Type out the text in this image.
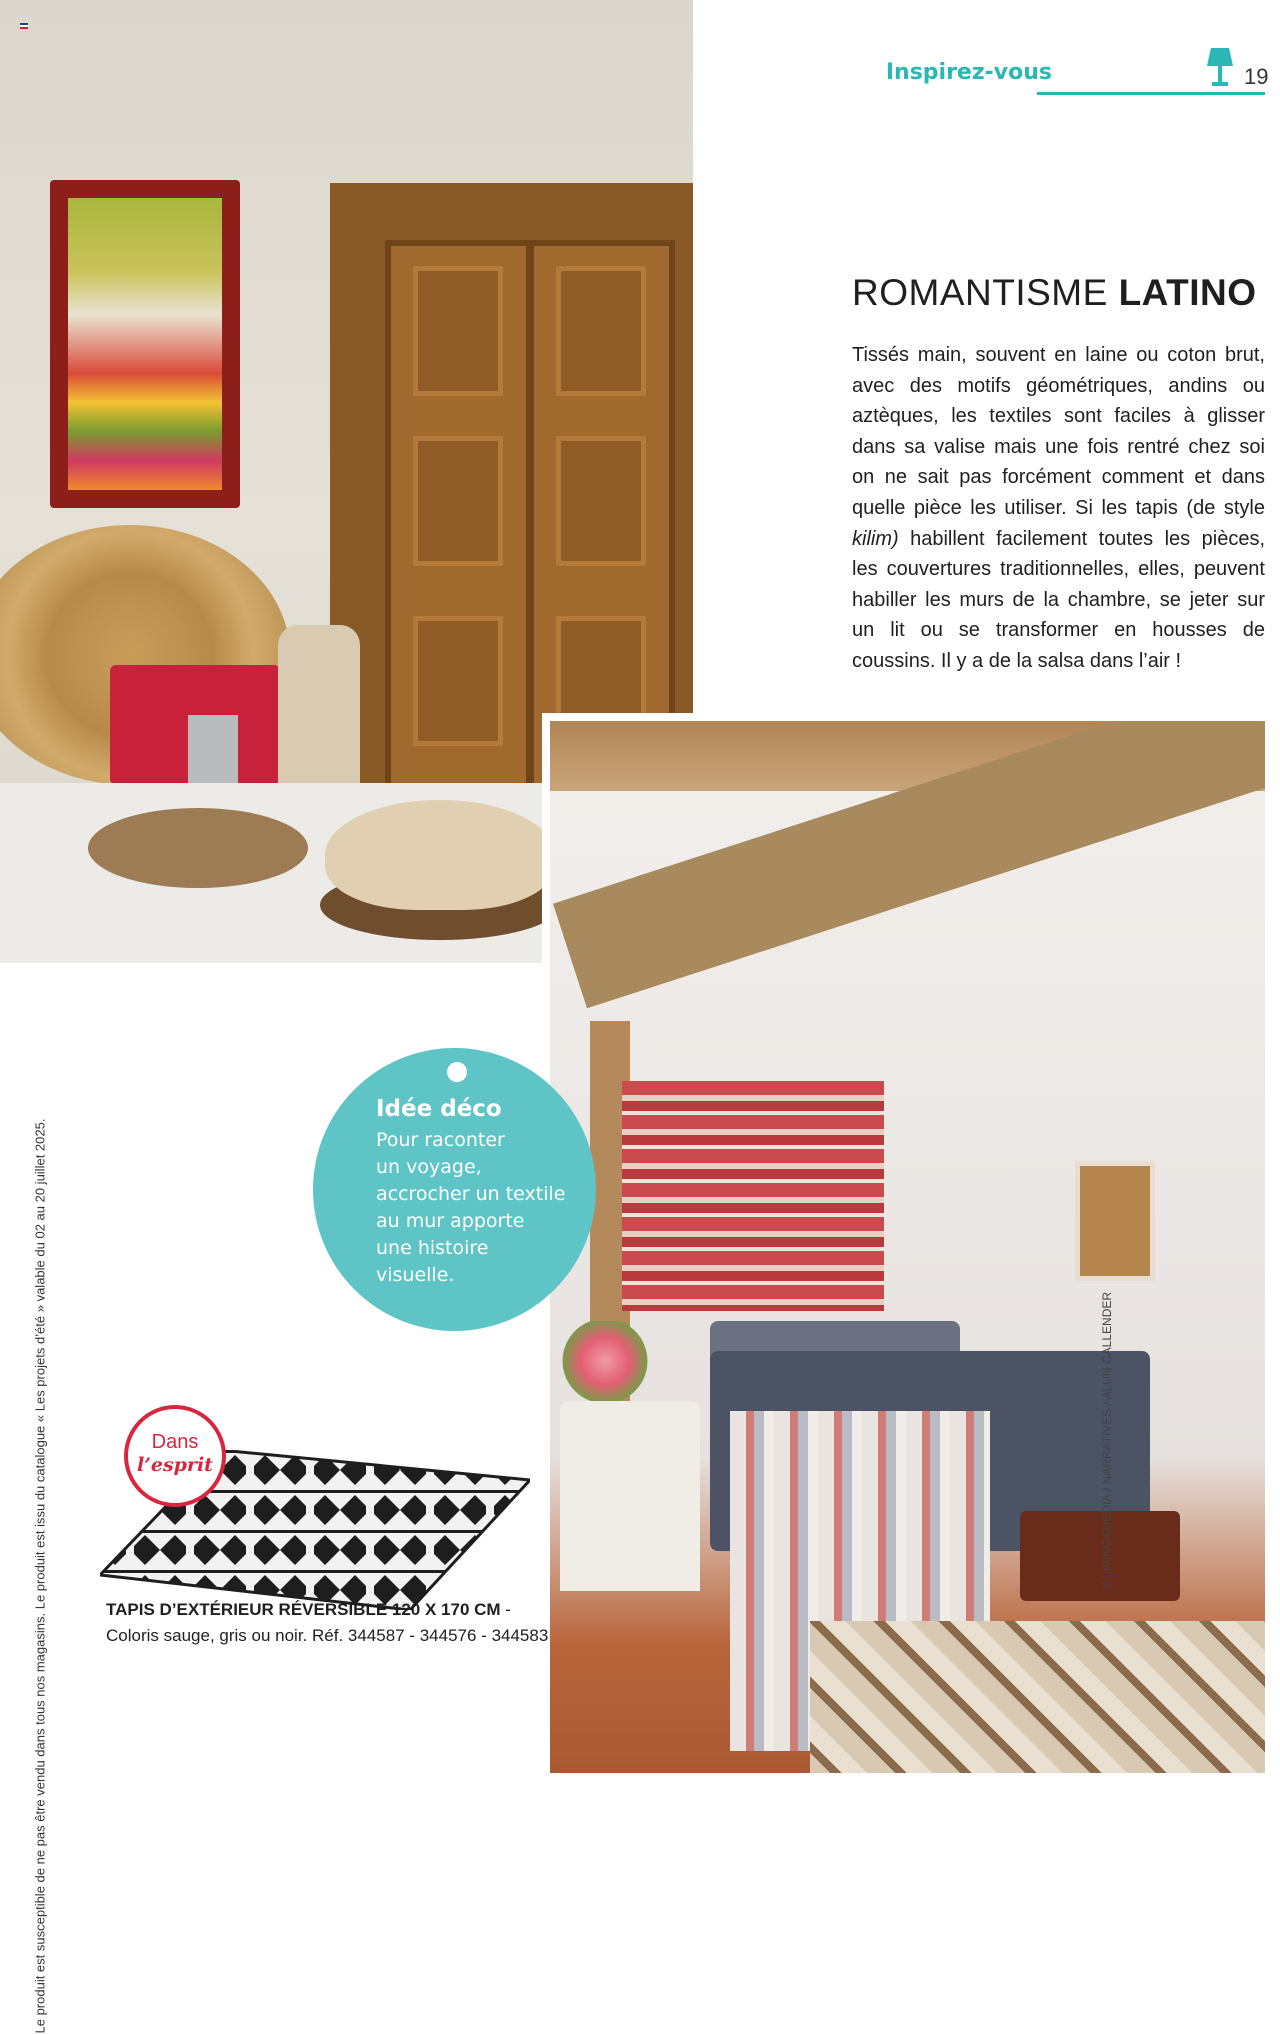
Inspirez-vous	19
ROMANTISME LATINO
Tissés main, souvent en laine ou coton brut, avec des motifs géométriques, andins ou aztèques, les textiles sont faciles à glisser dans sa valise mais une fois rentré chez soi on ne sait pas forcément comment et dans quelle pièce les utiliser. Si les tapis (de style kilim) habillent facilement toutes les pièces, les couvertures traditionnelles, elles, peuvent habiller les murs de la chambre, se jeter sur un lit ou se transformer en housses de coussins. Il y a de la salsa dans l’air !
Idée déco
Pour raconter
un voyage,
accrocher un textile
au mur apporte
une histoire
visuelle.
Dans
l’esprit
TAPIS D’EXTÉRIEUR RÉVERSIBLE 120 X 170 CM -
Coloris sauge, gris ou noir. Réf. 344587 - 344576 - 344583
Le produit est susceptible de ne pas être vendu dans tous nos magasins. Le produit est issu du catalogue « Les projets d’été » valable du 02 au 20 juillet 2025.	© LIVING4MEDIA / NARRATIVES / ALUN CALLENDER
